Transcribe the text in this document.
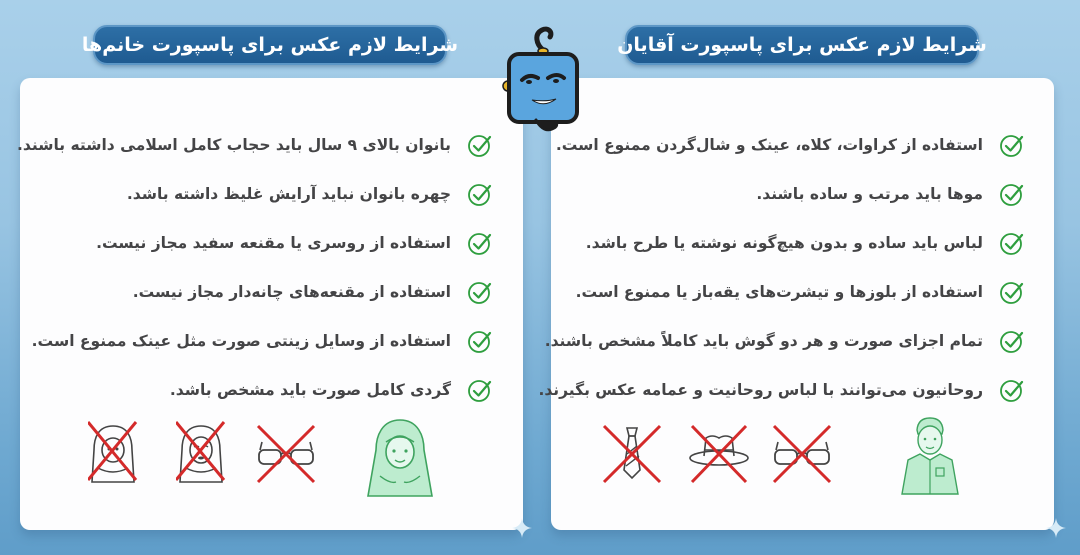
شرایط لازم عکس برای پاسپورت خانم‌ها	شرایط لازم عکس برای پاسپورت آقایان
بانوان بالای ۹ سال باید حجاب کامل اسلامی داشته باشند.
چهره بانوان نباید آرایش غلیظ داشته باشد.
استفاده از روسری یا مقنعه سفید مجاز نیست.
استفاده از مقنعه‌های چانه‌دار مجاز نیست.
استفاده از وسایل زینتی صورت مثل عینک ممنوع است.
گردی کامل صورت باید مشخص باشد.
استفاده از کراوات، کلاه، عینک و شال‌گردن ممنوع است.
موها باید مرتب و ساده باشند.
لباس باید ساده و بدون هیچ‌گونه نوشته یا طرح باشد.
استفاده از بلوزها و تیشرت‌های یقه‌باز یا ممنوع است.
تمام اجزای صورت و هر دو گوش باید کاملاً مشخص باشند.
روحانیون می‌توانند با لباس روحانیت و عمامه عکس بگیرند.
